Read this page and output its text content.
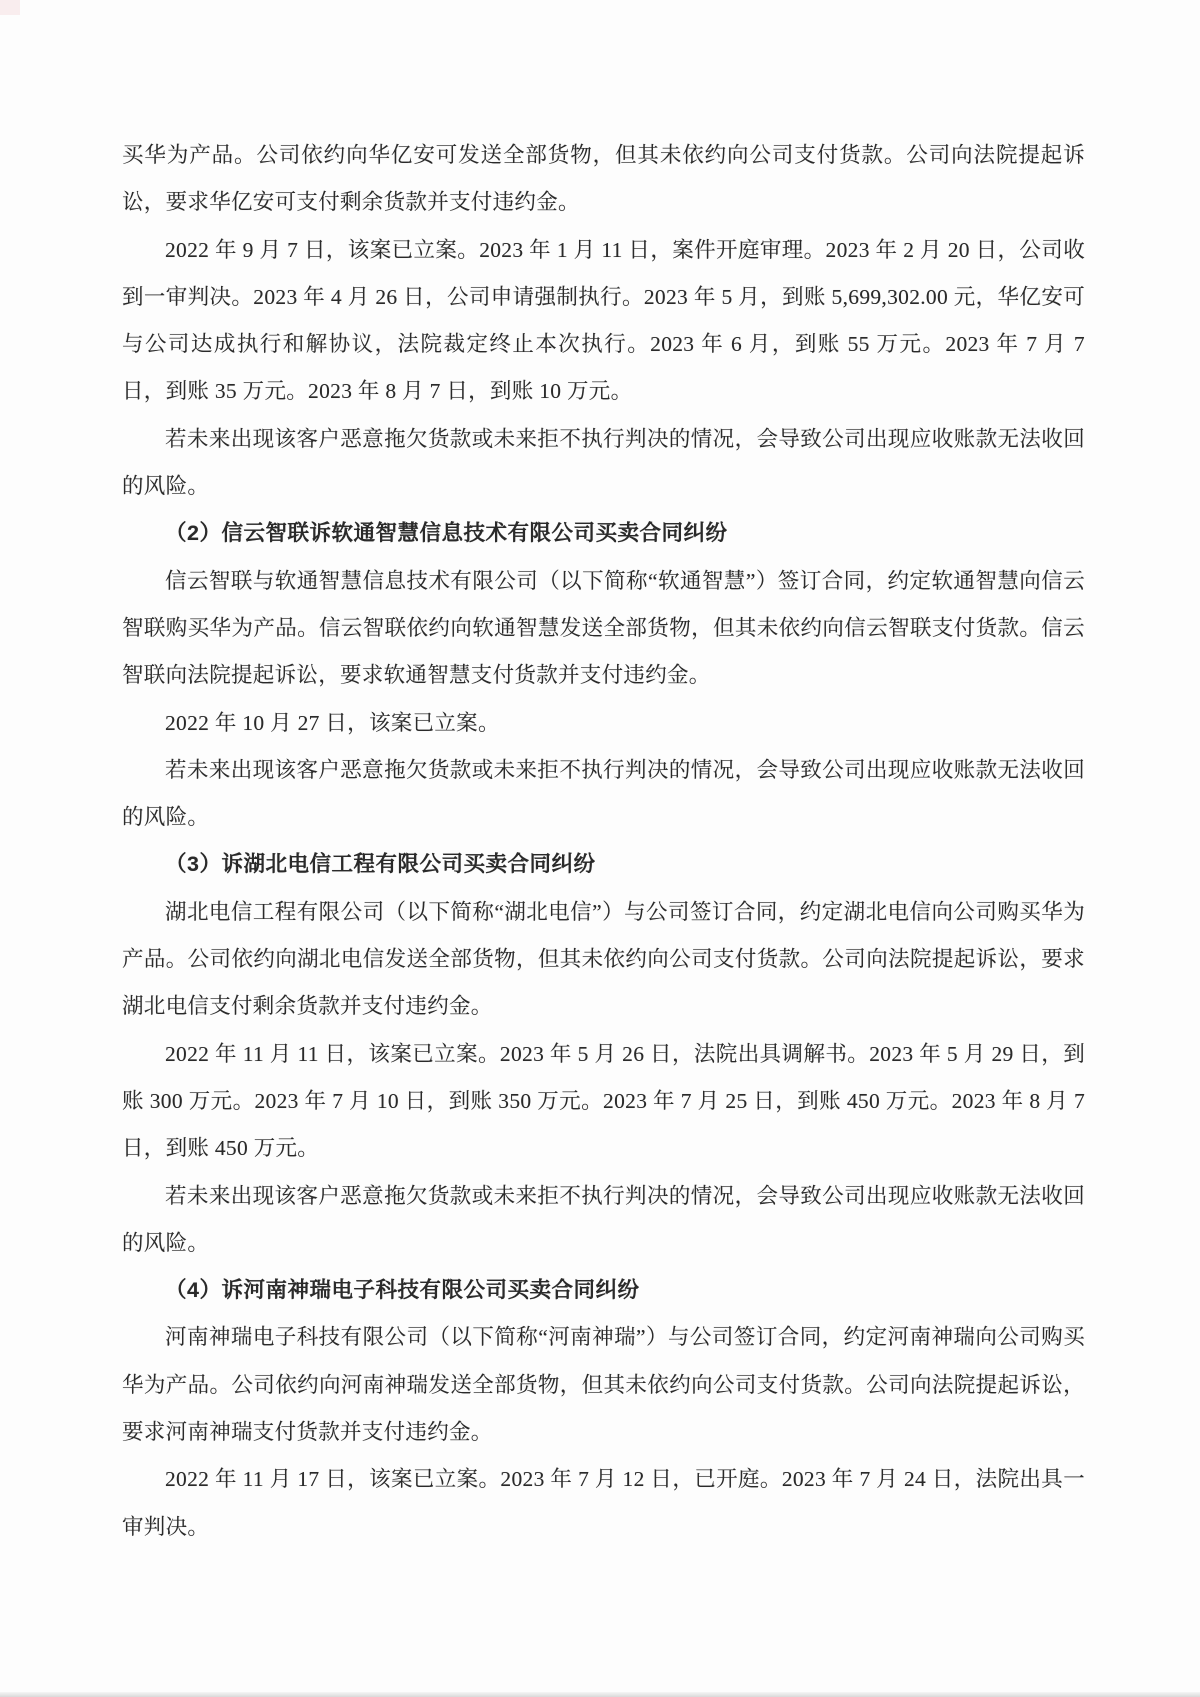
买华为产品。公司依约向华亿安可发送全部货物，但其未依约向公司支付货款。公司向法院提起诉讼，要求华亿安可支付剩余货款并支付违约金。

2022 年 9 月 7 日，该案已立案。2023 年 1 月 11 日，案件开庭审理。2023 年 2 月 20 日，公司收到一审判决。2023 年 4 月 26 日，公司申请强制执行。2023 年 5 月，到账 5,699,302.00 元，华亿安可与公司达成执行和解协议，法院裁定终止本次执行。2023 年 6 月，到账 55 万元。2023 年 7 月 7 日，到账 35 万元。2023 年 8 月 7 日，到账 10 万元。

若未来出现该客户恶意拖欠货款或未来拒不执行判决的情况，会导致公司出现应收账款无法收回的风险。

（2）信云智联诉软通智慧信息技术有限公司买卖合同纠纷

信云智联与软通智慧信息技术有限公司（以下简称“软通智慧”）签订合同，约定软通智慧向信云智联购买华为产品。信云智联依约向软通智慧发送全部货物，但其未依约向信云智联支付货款。信云智联向法院提起诉讼，要求软通智慧支付货款并支付违约金。

2022 年 10 月 27 日，该案已立案。

若未来出现该客户恶意拖欠货款或未来拒不执行判决的情况，会导致公司出现应收账款无法收回的风险。

（3）诉湖北电信工程有限公司买卖合同纠纷

湖北电信工程有限公司（以下简称“湖北电信”）与公司签订合同，约定湖北电信向公司购买华为产品。公司依约向湖北电信发送全部货物，但其未依约向公司支付货款。公司向法院提起诉讼，要求湖北电信支付剩余货款并支付违约金。

2022 年 11 月 11 日，该案已立案。2023 年 5 月 26 日，法院出具调解书。2023 年 5 月 29 日，到账 300 万元。2023 年 7 月 10 日，到账 350 万元。2023 年 7 月 25 日，到账 450 万元。2023 年 8 月 7 日，到账 450 万元。

若未来出现该客户恶意拖欠货款或未来拒不执行判决的情况，会导致公司出现应收账款无法收回的风险。

（4）诉河南神瑞电子科技有限公司买卖合同纠纷

河南神瑞电子科技有限公司（以下简称“河南神瑞”）与公司签订合同，约定河南神瑞向公司购买华为产品。公司依约向河南神瑞发送全部货物，但其未依约向公司支付货款。公司向法院提起诉讼，要求河南神瑞支付货款并支付违约金。

2022 年 11 月 17 日，该案已立案。2023 年 7 月 12 日，已开庭。2023 年 7 月 24 日，法院出具一审判决。
